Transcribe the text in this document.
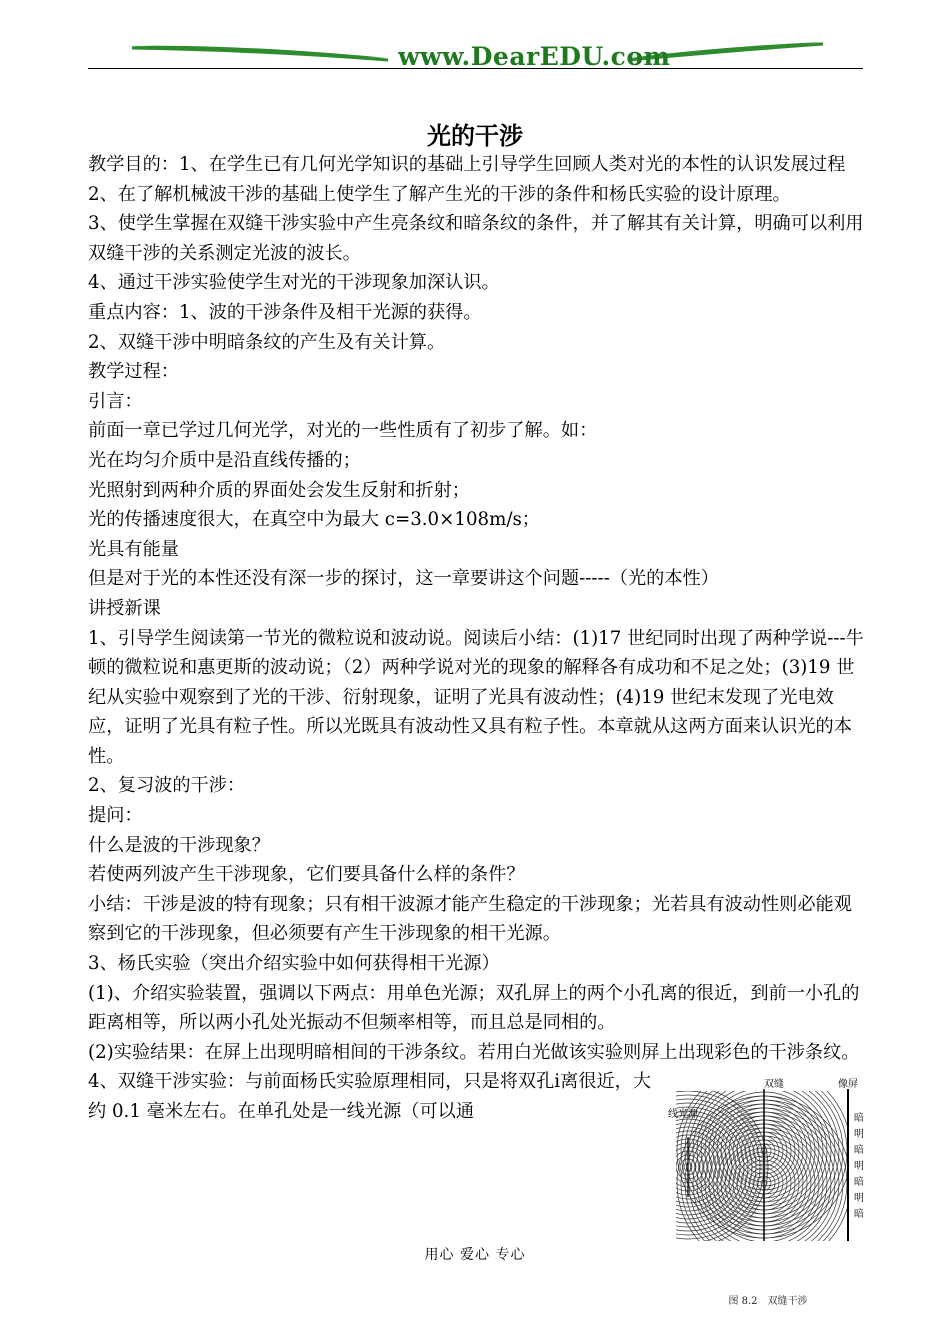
www.DearEDU.com
光的干涉

教学目的：1、在学生已有几何光学知识的基础上引导学生回顾人类对光的本性的认识发展过程

2、在了解机械波干涉的基础上使学生了解产生光的干涉的条件和杨氏实验的设计原理。

3、使学生掌握在双缝干涉实验中产生亮条纹和暗条纹的条件，并了解其有关计算，明确可以利用双缝干涉的关系测定光波的波长。

4、通过干涉实验使学生对光的干涉现象加深认识。

重点内容：1、波的干涉条件及相干光源的获得。

2、双缝干涉中明暗条纹的产生及有关计算。

教学过程：

引言：

前面一章已学过几何光学，对光的一些性质有了初步了解。如：

光在均匀介质中是沿直线传播的；

光照射到两种介质的界面处会发生反射和折射；

光的传播速度很大，在真空中为最大 c=3.0×108m/s；

光具有能量

但是对于光的本性还没有深一步的探讨，这一章要讲这个问题-----（光的本性）

讲授新课

1、引导学生阅读第一节光的微粒说和波动说。阅读后小结：(1)17 世纪同时出现了两种学说---牛顿的微粒说和惠更斯的波动说；（2）两种学说对光的现象的解释各有成功和不足之处；(3)19 世纪从实验中观察到了光的干涉、衍射现象，证明了光具有波动性；(4)19 世纪末发现了光电效应，证明了光具有粒子性。所以光既具有波动性又具有粒子性。本章就从这两方面来认识光的本性。

2、复习波的干涉：

提问：

什么是波的干涉现象？

若使两列波产生干涉现象，它们要具备什么样的条件？

小结：干涉是波的特有现象；只有相干波源才能产生稳定的干涉现象；光若具有波动性则必能观察到它的干涉现象，但必须要有产生干涉现象的相干光源。

3、杨氏实验（突出介绍实验中如何获得相干光源）

(1)、介绍实验装置，强调以下两点：用单色光源；双孔屏上的两个小孔离的很近，到前一小孔的距离相等，所以两小孔处光振动不但频率相等，而且总是同相的。

(2)实验结果：在屏上出现明暗相间的干涉条纹。若用白光做该实验则屏上出现彩色的干涉条纹。

双缝	像屏
线光源	暗
明
暗
明
暗
明
暗

4、双缝干涉实验：与前面杨氏实验原理相同，只是将双孔i离很近，大约 0.1 毫米左右。在单孔处是一线光源（可以通

用心 爱心 专心
图 8.2　双缝干涉
